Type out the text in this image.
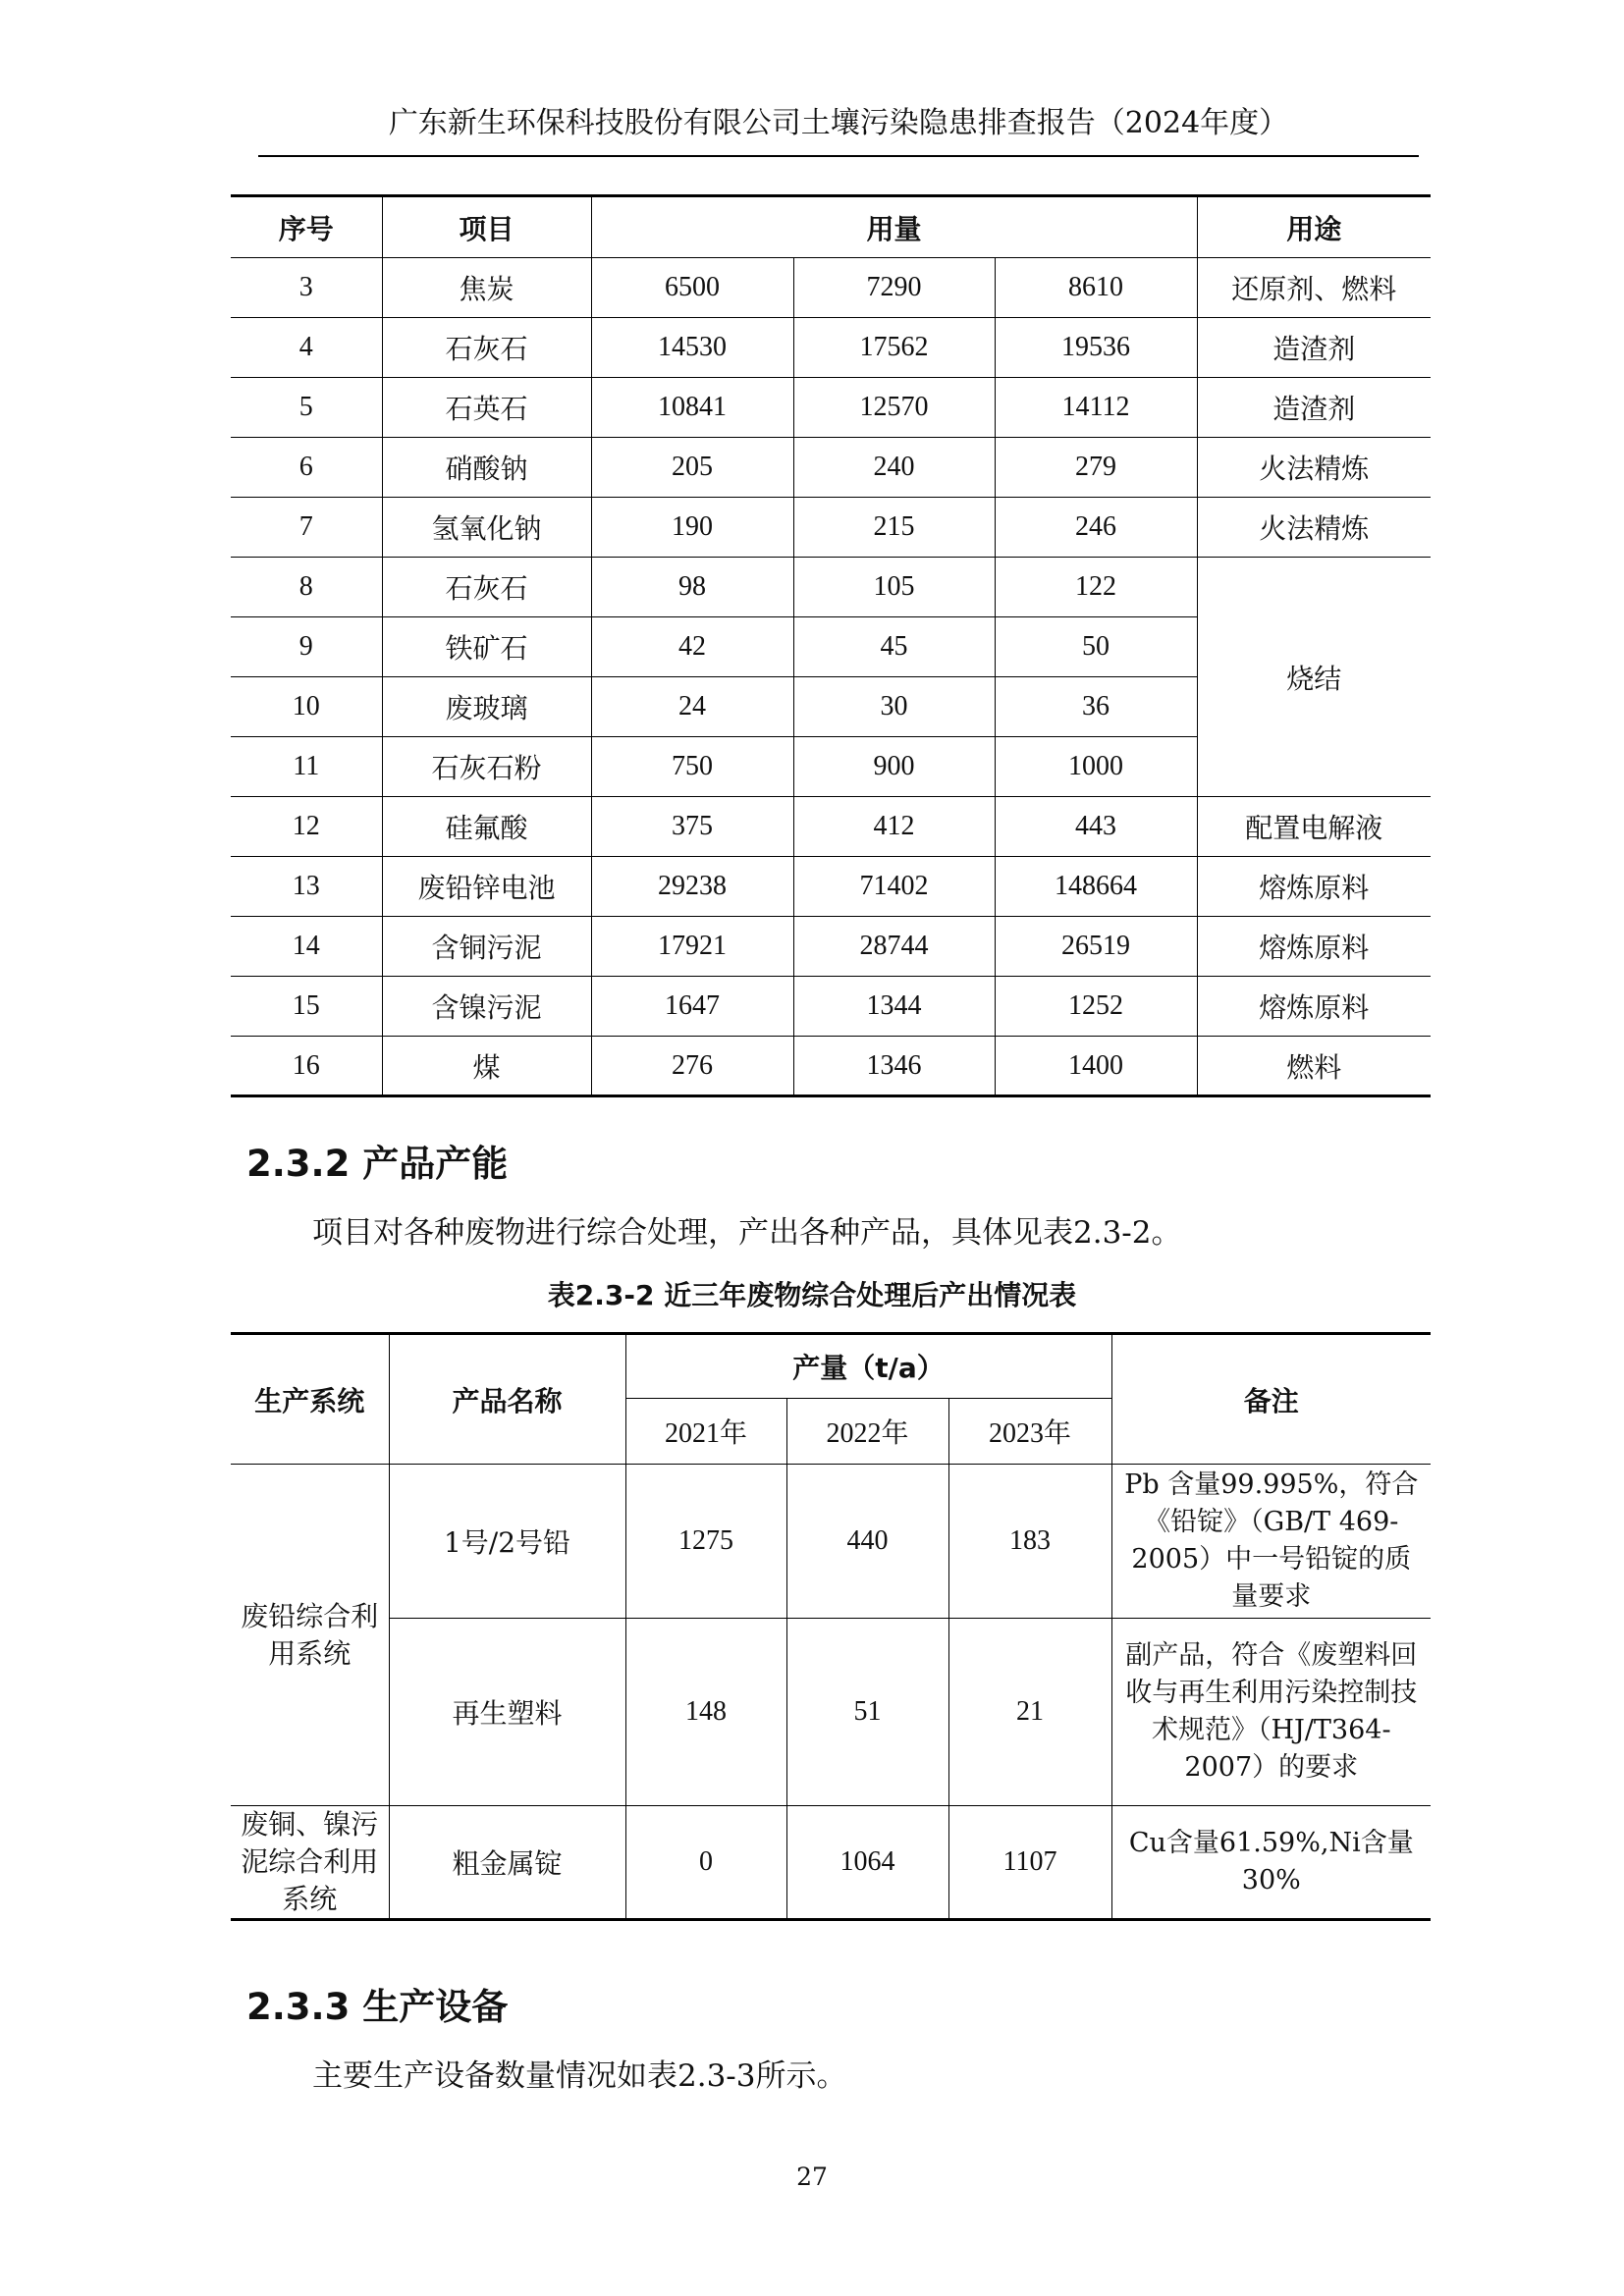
广东新生环保科技股份有限公司土壤污染隐患排查报告（2024年度）
序号	项目	用量			用途
3	焦炭	6500	7290	8610	还原剂、燃料
4	石灰石	14530	17562	19536	造渣剂
5	石英石	10841	12570	14112	造渣剂
6	硝酸钠	205	240	279	火法精炼
7	氢氧化钠	190	215	246	火法精炼
8	石灰石	98	105	122	烧结
9	铁矿石	42	45	50	
10	废玻璃	24	30	36	
11	石灰石粉	750	900	1000	
12	硅氟酸	375	412	443	配置电解液
13	废铅锌电池	29238	71402	148664	熔炼原料
14	含铜污泥	17921	28744	26519	熔炼原料
15	含镍污泥	1647	1344	1252	熔炼原料
16	煤	276	1346	1400	燃料
2.3.2 产品产能

项目对各种废物进行综合处理，产出各种产品，具体见表2.3-2。

表2.3-2 近三年废物综合处理后产出情况表

生产系统	产品名称	产量（t/a）			备注
		2021年	2022年	2023年	
废铅综合利用系统	1号/2号铅	1275	440	183	Pb 含量99.995%，符合《铅锭》（GB/T 469-2005）中一号铅锭的质量要求
	再生塑料	148	51	21	副产品，符合《废塑料回收与再生利用污染控制技术规范》（HJ/T364-2007）的要求
废铜、镍污泥综合利用系统	粗金属锭	0	1064	1107	Cu含量61.59%,Ni含量30%
2.3.3 生产设备

主要生产设备数量情况如表2.3-3所示。

27
